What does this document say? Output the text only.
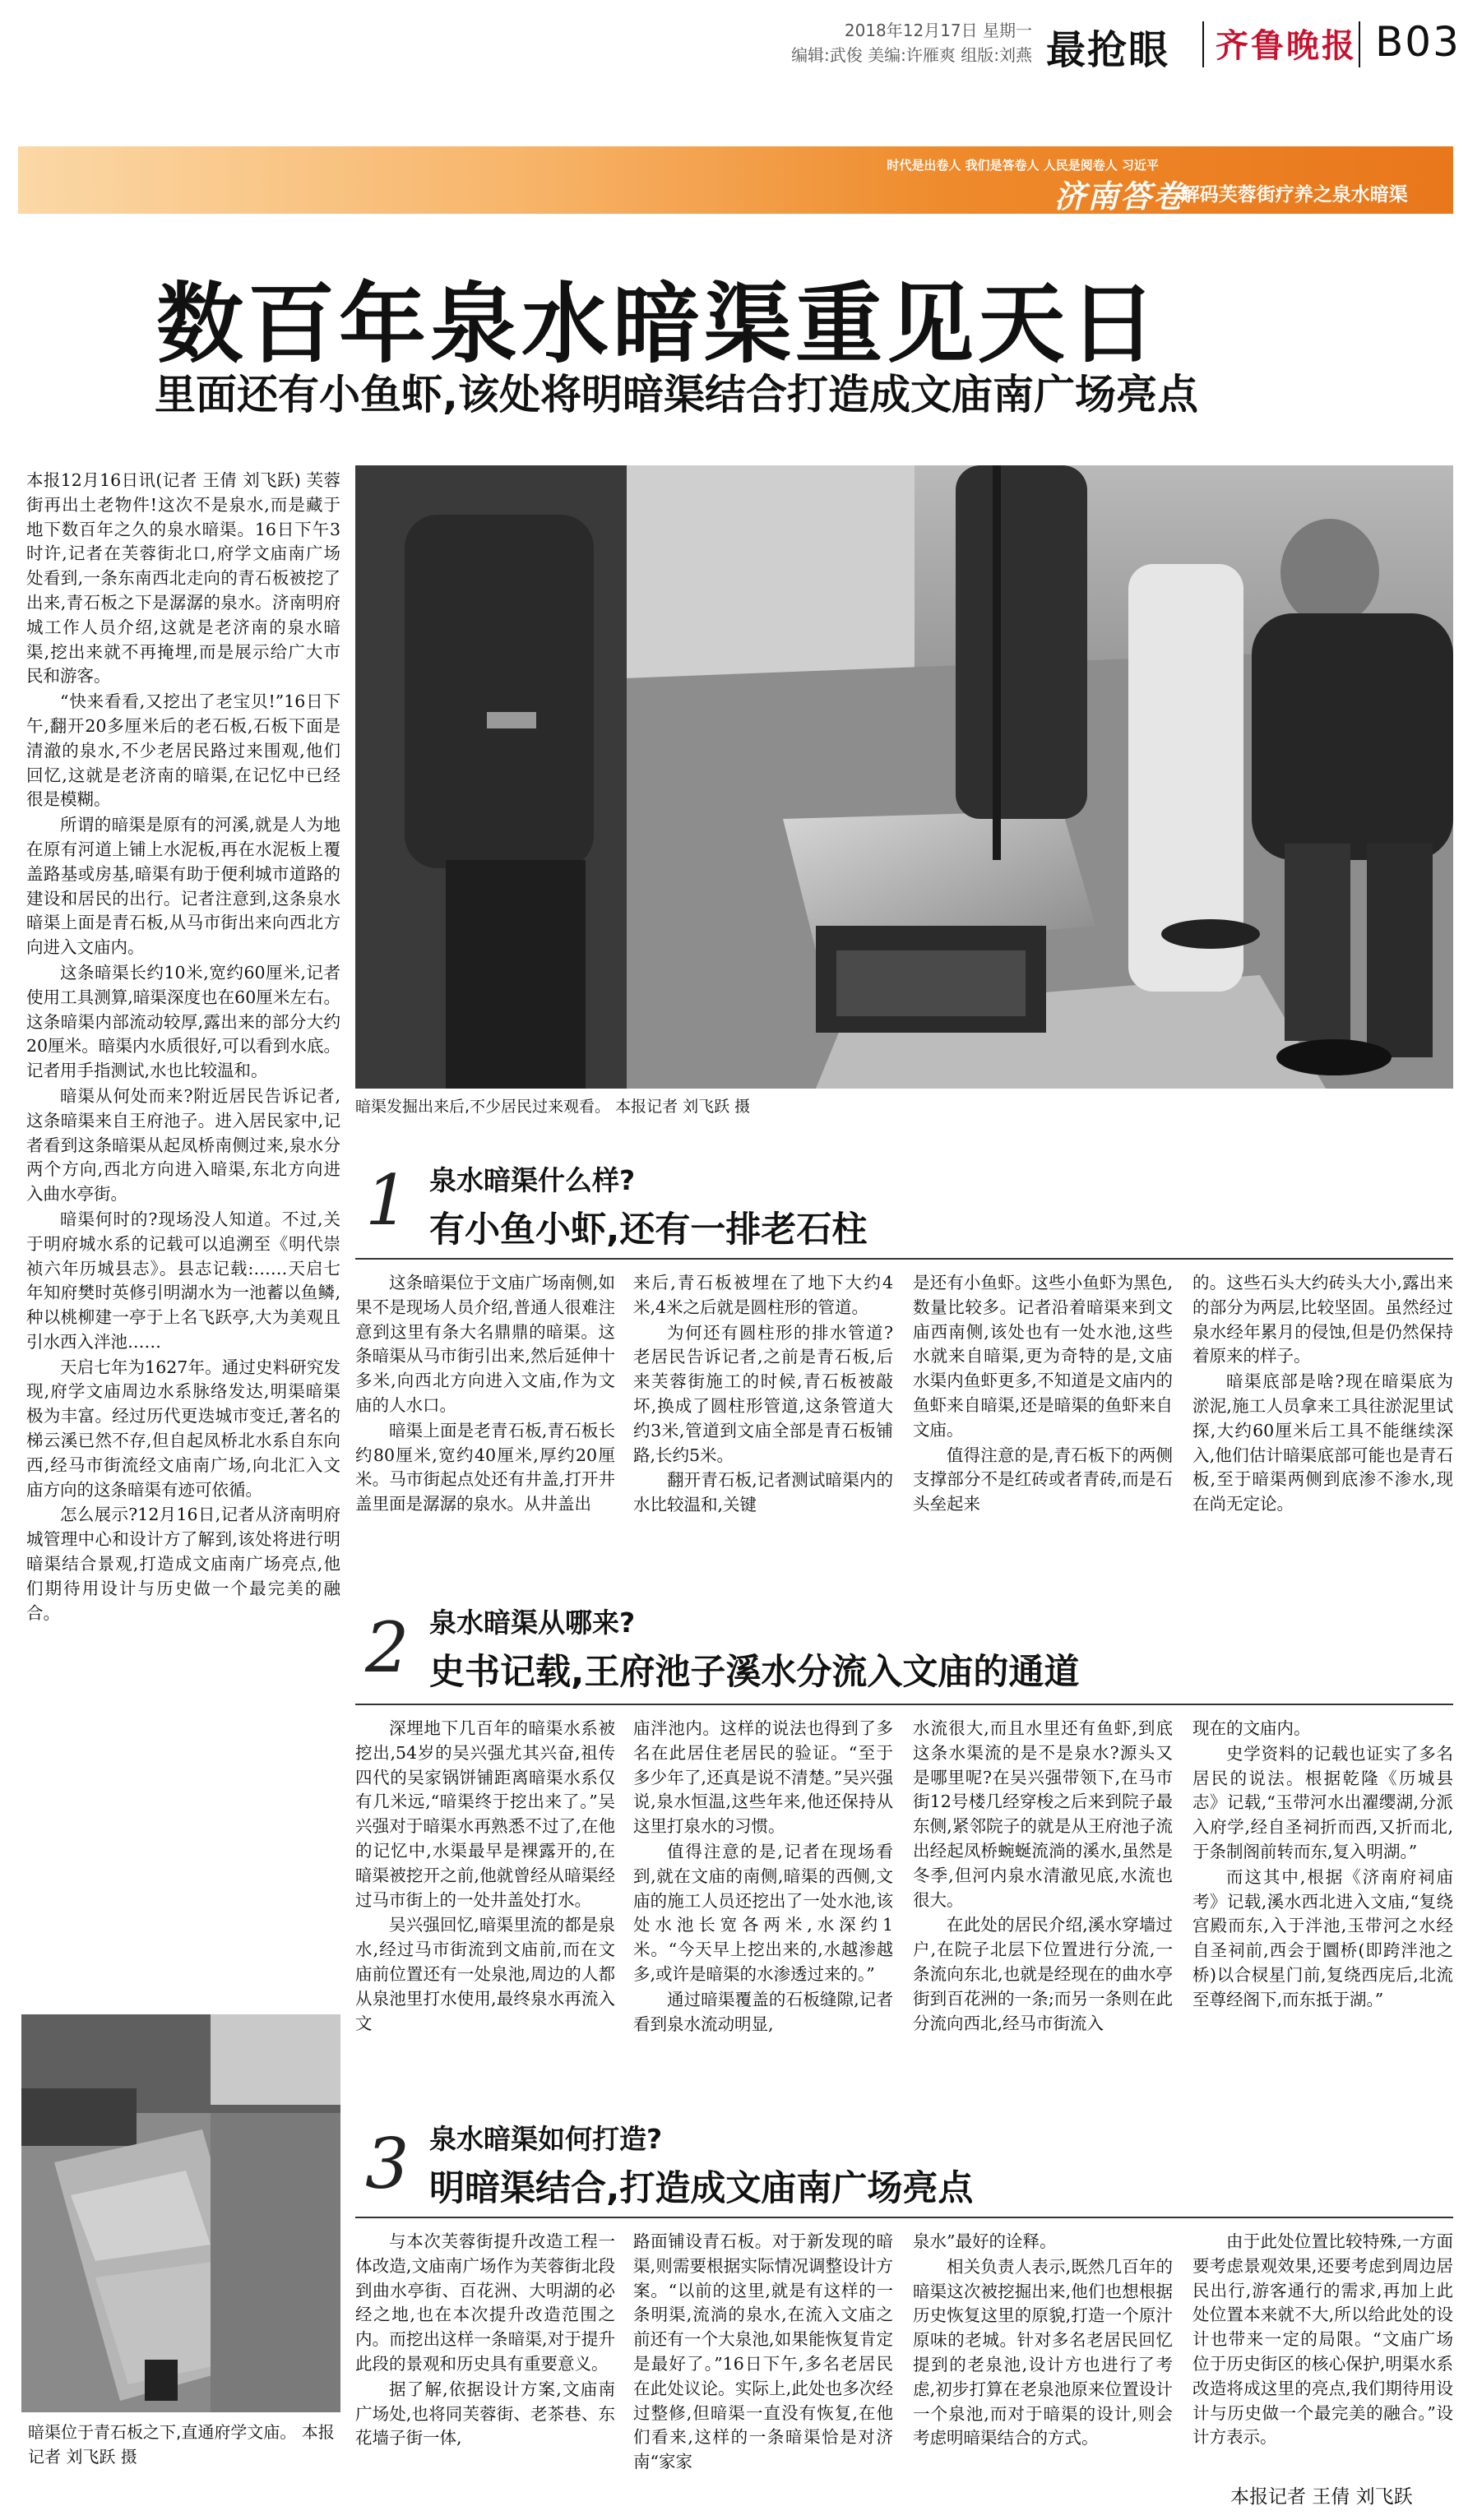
2018年12月17日 星期一
编辑:武俊 美编:许雁爽 组版:刘燕 最抢眼 齐鲁晚报 B03
时代是出卷人 我们是答卷人 人民是阅卷人 习近平
济南答卷
·解码芙蓉街疗养之泉水暗渠
数百年泉水暗渠重见天日
里面还有小鱼虾,该处将明暗渠结合打造成文庙南广场亮点

本报12月16日讯(记者 王倩 刘飞跃) 芙蓉街再出土老物件!这次不是泉水,而是藏于地下数百年之久的泉水暗渠。16日下午3时许,记者在芙蓉街北口,府学文庙南广场处看到,一条东南西北走向的青石板被挖了出来,青石板之下是潺潺的泉水。济南明府城工作人员介绍,这就是老济南的泉水暗渠,挖出来就不再掩埋,而是展示给广大市民和游客。

“快来看看,又挖出了老宝贝!”16日下午,翻开20多厘米后的老石板,石板下面是清澈的泉水,不少老居民路过来围观,他们回忆,这就是老济南的暗渠,在记忆中已经很是模糊。

所谓的暗渠是原有的河溪,就是人为地在原有河道上铺上水泥板,再在水泥板上覆盖路基或房基,暗渠有助于便利城市道路的建设和居民的出行。记者注意到,这条泉水暗渠上面是青石板,从马市街出来向西北方向进入文庙内。

这条暗渠长约10米,宽约60厘米,记者使用工具测算,暗渠深度也在60厘米左右。这条暗渠内部流动较厚,露出来的部分大约20厘米。暗渠内水质很好,可以看到水底。记者用手指测试,水也比较温和。

暗渠从何处而来?附近居民告诉记者,这条暗渠来自王府池子。进入居民家中,记者看到这条暗渠从起凤桥南侧过来,泉水分两个方向,西北方向进入暗渠,东北方向进入曲水亭街。

暗渠何时的?现场没人知道。不过,关于明府城水系的记载可以追溯至《明代崇祯六年历城县志》。县志记载:……天启七年知府樊时英修引明湖水为一池蓄以鱼鳞,种以桃柳建一亭于上名飞跃亭,大为美观且引水西入泮池……

天启七年为1627年。通过史料研究发现,府学文庙周边水系脉络发达,明渠暗渠极为丰富。经过历代更迭城市变迁,著名的梯云溪已然不存,但自起凤桥北水系自东向西,经马市街流经文庙南广场,向北汇入文庙方向的这条暗渠有迹可依循。

怎么展示?12月16日,记者从济南明府城管理中心和设计方了解到,该处将进行明暗渠结合景观,打造成文庙南广场亮点,他们期待用设计与历史做一个最完美的融合。

暗渠发掘出来后,不少居民过来观看。 本报记者 刘飞跃 摄
暗渠位于青石板之下,直通府学文庙。 本报记者 刘飞跃 摄
1 泉水暗渠什么样?
有小鱼小虾,还有一排老石柱

这条暗渠位于文庙广场南侧,如果不是现场人员介绍,普通人很难注意到这里有条大名鼎鼎的暗渠。这条暗渠从马市街引出来,然后延伸十多米,向西北方向进入文庙,作为文庙的人水口。

暗渠上面是老青石板,青石板长约80厘米,宽约40厘米,厚约20厘米。马市街起点处还有井盖,打开井盖里面是潺潺的泉水。从井盖出

来后,青石板被埋在了地下大约4米,4米之后就是圆柱形的管道。

为何还有圆柱形的排水管道?老居民告诉记者,之前是青石板,后来芙蓉街施工的时候,青石板被敲坏,换成了圆柱形管道,这条管道大约3米,管道到文庙全部是青石板铺路,长约5米。

翻开青石板,记者测试暗渠内的水比较温和,关键

是还有小鱼虾。这些小鱼虾为黑色,数量比较多。记者沿着暗渠来到文庙西南侧,该处也有一处水池,这些水就来自暗渠,更为奇特的是,文庙水渠内鱼虾更多,不知道是文庙内的鱼虾来自暗渠,还是暗渠的鱼虾来自文庙。

值得注意的是,青石板下的两侧支撑部分不是红砖或者青砖,而是石头垒起来

的。这些石头大约砖头大小,露出来的部分为两层,比较坚固。虽然经过泉水经年累月的侵蚀,但是仍然保持着原来的样子。

暗渠底部是啥?现在暗渠底为淤泥,施工人员拿来工具往淤泥里试探,大约60厘米后工具不能继续深入,他们估计暗渠底部可能也是青石板,至于暗渠两侧到底渗不渗水,现在尚无定论。

2 泉水暗渠从哪来?
史书记载,王府池子溪水分流入文庙的通道

深埋地下几百年的暗渠水系被挖出,54岁的吴兴强尤其兴奋,祖传四代的吴家锅饼铺距离暗渠水系仅有几米远,“暗渠终于挖出来了。”吴兴强对于暗渠水再熟悉不过了,在他的记忆中,水渠最早是裸露开的,在暗渠被挖开之前,他就曾经从暗渠经过马市街上的一处井盖处打水。

吴兴强回忆,暗渠里流的都是泉水,经过马市街流到文庙前,而在文庙前位置还有一处泉池,周边的人都从泉池里打水使用,最终泉水再流入文

庙泮池内。这样的说法也得到了多名在此居住老居民的验证。“至于多少年了,还真是说不清楚。”吴兴强说,泉水恒温,这些年来,他还保持从这里打泉水的习惯。

值得注意的是,记者在现场看到,就在文庙的南侧,暗渠的西侧,文庙的施工人员还挖出了一处水池,该处水池长宽各两米,水深约1米。“今天早上挖出来的,水越渗越多,或许是暗渠的水渗透过来的。”

通过暗渠覆盖的石板缝隙,记者看到泉水流动明显,

水流很大,而且水里还有鱼虾,到底这条水渠流的是不是泉水?源头又是哪里呢?在吴兴强带领下,在马市街12号楼几经穿梭之后来到院子最东侧,紧邻院子的就是从王府池子流出经起凤桥蜿蜒流淌的溪水,虽然是冬季,但河内泉水清澈见底,水流也很大。

在此处的居民介绍,溪水穿墙过户,在院子北层下位置进行分流,一条流向东北,也就是经现在的曲水亭街到百花洲的一条;而另一条则在此分流向西北,经马市街流入

现在的文庙内。

史学资料的记载也证实了多名居民的说法。根据乾隆《历城县志》记载,“玉带河水出濯缨湖,分派入府学,经自圣祠折而西,又折而北,于条制阁前转而东,复入明湖。”

而这其中,根据《济南府祠庙考》记载,溪水西北进入文庙,“复绕宫殿而东,入于泮池,玉带河之水经自圣祠前,西会于圜桥(即跨泮池之桥)以合棂星门前,复绕西庑后,北流至尊经阁下,而东抵于湖。”

3 泉水暗渠如何打造?
明暗渠结合,打造成文庙南广场亮点

与本次芙蓉街提升改造工程一体改造,文庙南广场作为芙蓉街北段到曲水亭街、百花洲、大明湖的必经之地,也在本次提升改造范围之内。而挖出这样一条暗渠,对于提升此段的景观和历史具有重要意义。

据了解,依据设计方案,文庙南广场处,也将同芙蓉街、老茶巷、东花墙子街一体,

路面铺设青石板。对于新发现的暗渠,则需要根据实际情况调整设计方案。“以前的这里,就是有这样的一条明渠,流淌的泉水,在流入文庙之前还有一个大泉池,如果能恢复肯定是最好了。”16日下午,多名老居民在此处议论。实际上,此处也多次经过整修,但暗渠一直没有恢复,在他们看来,这样的一条暗渠恰是对济南“家家

泉水”最好的诠释。

相关负责人表示,既然几百年的暗渠这次被挖掘出来,他们也想根据历史恢复这里的原貌,打造一个原汁原味的老城。针对多名老居民回忆提到的老泉池,设计方也进行了考虑,初步打算在老泉池原来位置设计一个泉池,而对于暗渠的设计,则会考虑明暗渠结合的方式。

由于此处位置比较特殊,一方面要考虑景观效果,还要考虑到周边居民出行,游客通行的需求,再加上此处位置本来就不大,所以给此处的设计也带来一定的局限。“文庙广场位于历史街区的核心保护,明渠水系改造将成这里的亮点,我们期待用设计与历史做一个最完美的融合。”设计方表示。

本报记者 王倩 刘飞跃
